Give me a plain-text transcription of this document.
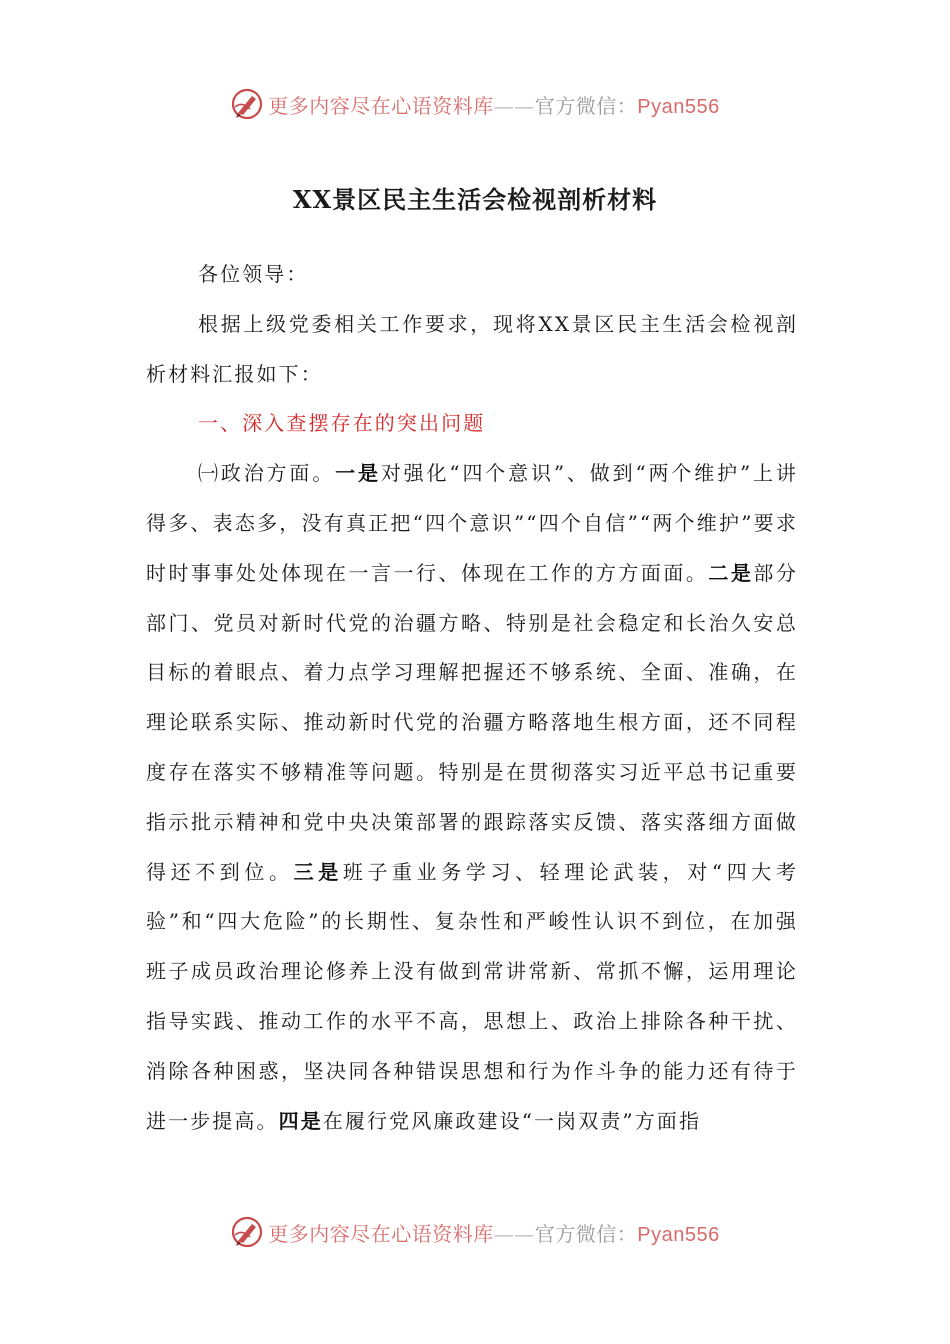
更多内容尽在心语资料库——官方微信：Pyan556
XX景区民主生活会检视剖析材料

各位领导：

根据上级党委相关工作要求，现将XX景区民主生活会检视剖析材料汇报如下：

一、深入查摆存在的突出问题

㈠政治方面。一是对强化“四个意识”、做到“两个维护”上讲得多、表态多，没有真正把“四个意识”“四个自信”“两个维护”要求时时事事处处体现在一言一行、体现在工作的方方面面。二是部分部门、党员对新时代党的治疆方略、特别是社会稳定和长治久安总目标的着眼点、着力点学习理解把握还不够系统、全面、准确，在理论联系实际、推动新时代党的治疆方略落地生根方面，还不同程度存在落实不够精准等问题。特别是在贯彻落实习近平总书记重要指示批示精神和党中央决策部署的跟踪落实反馈、落实落细方面做得还不到位。三是班子重业务学习、轻理论武装，对“四大考验”和“四大危险”的长期性、复杂性和严峻性认识不到位，在加强班子成员政治理论修养上没有做到常讲常新、常抓不懈，运用理论指导实践、推动工作的水平不高，思想上、政治上排除各种干扰、消除各种困惑，坚决同各种错误思想和行为作斗争的能力还有待于进一步提高。四是在履行党风廉政建设“一岗双责”方面指

更多内容尽在心语资料库——官方微信：Pyan556
